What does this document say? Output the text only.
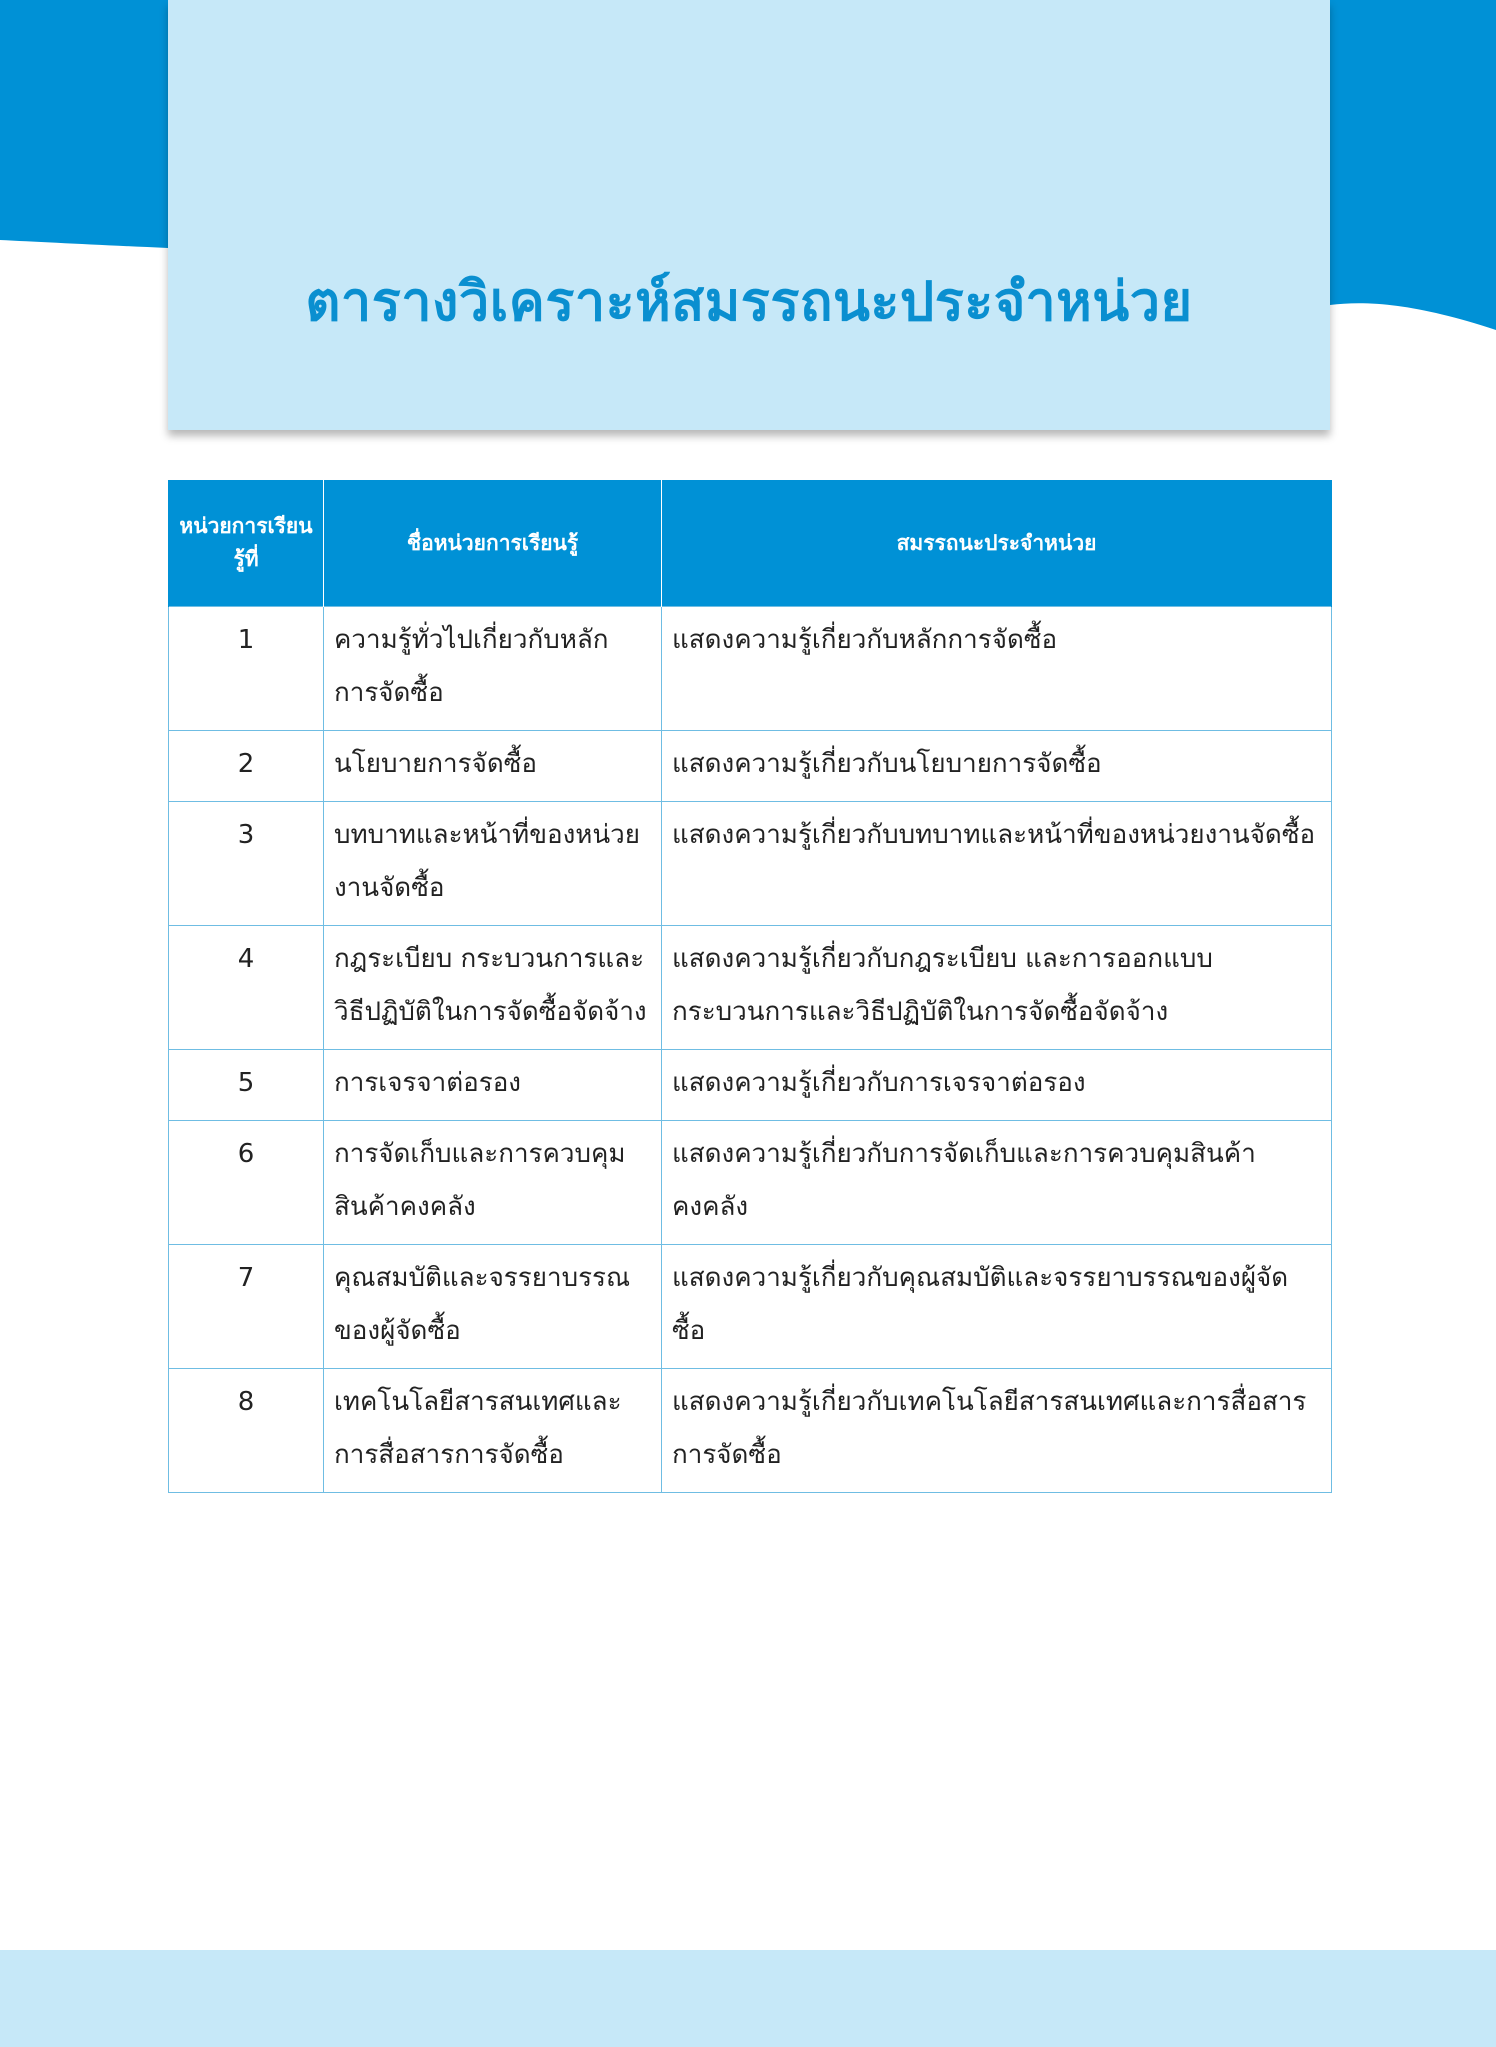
ตารางวิเคราะห์สมรรถนะประจำหน่วย
หน่วยการเรียนรู้ที่	ชื่อหน่วยการเรียนรู้	สมรรถนะประจำหน่วย
1	ความรู้ทั่วไปเกี่ยวกับหลักการจัดซื้อ	แสดงความรู้เกี่ยวกับหลักการจัดซื้อ
2	นโยบายการจัดซื้อ	แสดงความรู้เกี่ยวกับนโยบายการจัดซื้อ
3	บทบาทและหน้าที่ของหน่วยงานจัดซื้อ	แสดงความรู้เกี่ยวกับบทบาทและหน้าที่ของหน่วยงานจัดซื้อ
4	กฎระเบียบ กระบวนการและวิธีปฏิบัติในการจัดซื้อจัดจ้าง	แสดงความรู้เกี่ยวกับกฎระเบียบ และการออกแบบกระบวนการและวิธีปฏิบัติในการจัดซื้อจัดจ้าง
5	การเจรจาต่อรอง	แสดงความรู้เกี่ยวกับการเจรจาต่อรอง
6	การจัดเก็บและการควบคุมสินค้าคงคลัง	แสดงความรู้เกี่ยวกับการจัดเก็บและการควบคุมสินค้าคงคลัง
7	คุณสมบัติและจรรยาบรรณของผู้จัดซื้อ	แสดงความรู้เกี่ยวกับคุณสมบัติและจรรยาบรรณของผู้จัดซื้อ
8	เทคโนโลยีสารสนเทศและการสื่อสารการจัดซื้อ	แสดงความรู้เกี่ยวกับเทคโนโลยีสารสนเทศและการสื่อสารการจัดซื้อ
